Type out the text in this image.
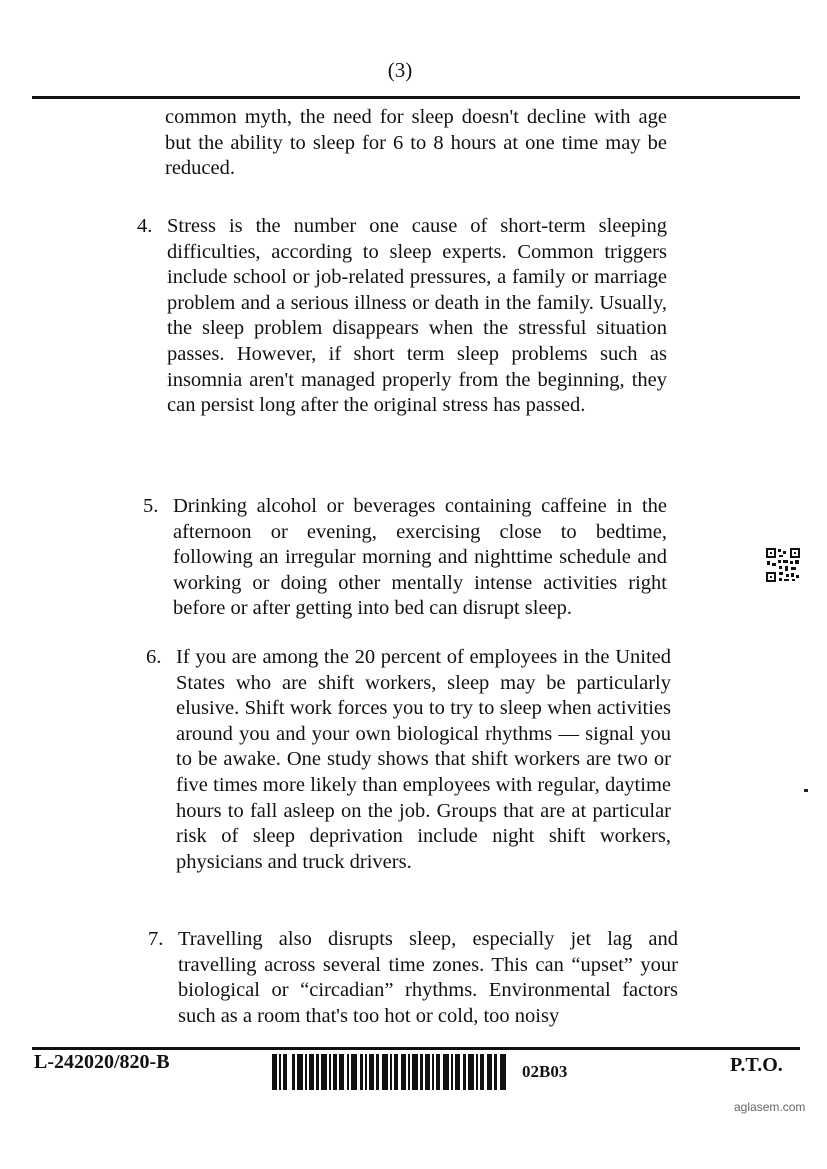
(3)

common myth, the need for sleep doesn't decline with age but the ability to sleep for 6 to 8 hours at one time may be reduced.

4. Stress is the number one cause of short-term sleeping difficulties, according to sleep experts. Common triggers include school or job-related pressures, a family or marriage problem and a serious illness or death in the family. Usually, the sleep problem disappears when the stressful situation passes. However, if short term sleep problems such as insomnia aren't managed properly from the beginning, they can persist long after the original stress has passed.
5. Drinking alcohol or beverages containing caffeine in the afternoon or evening, exercising close to bedtime, following an irregular morning and nighttime schedule and working or doing other mentally intense activities right before or after getting into bed can disrupt sleep.
6. If you are among the 20 percent of employees in the United States who are shift workers, sleep may be particularly elusive. Shift work forces you to try to sleep when activities around you and your own biological rhythms — signal you to be awake. One study shows that shift workers are two or five times more likely than employees with regular, daytime hours to fall asleep on the job. Groups that are at particular risk of sleep deprivation include night shift workers, physicians and truck drivers.
7. Travelling also disrupts sleep, especially jet lag and travelling across several time zones. This can “upset” your biological or “circadian” rhythms. Environmental factors such as a room that's too hot or cold, too noisy
L-242020/820-B	02B03	P.T.O.
aglasem.com
